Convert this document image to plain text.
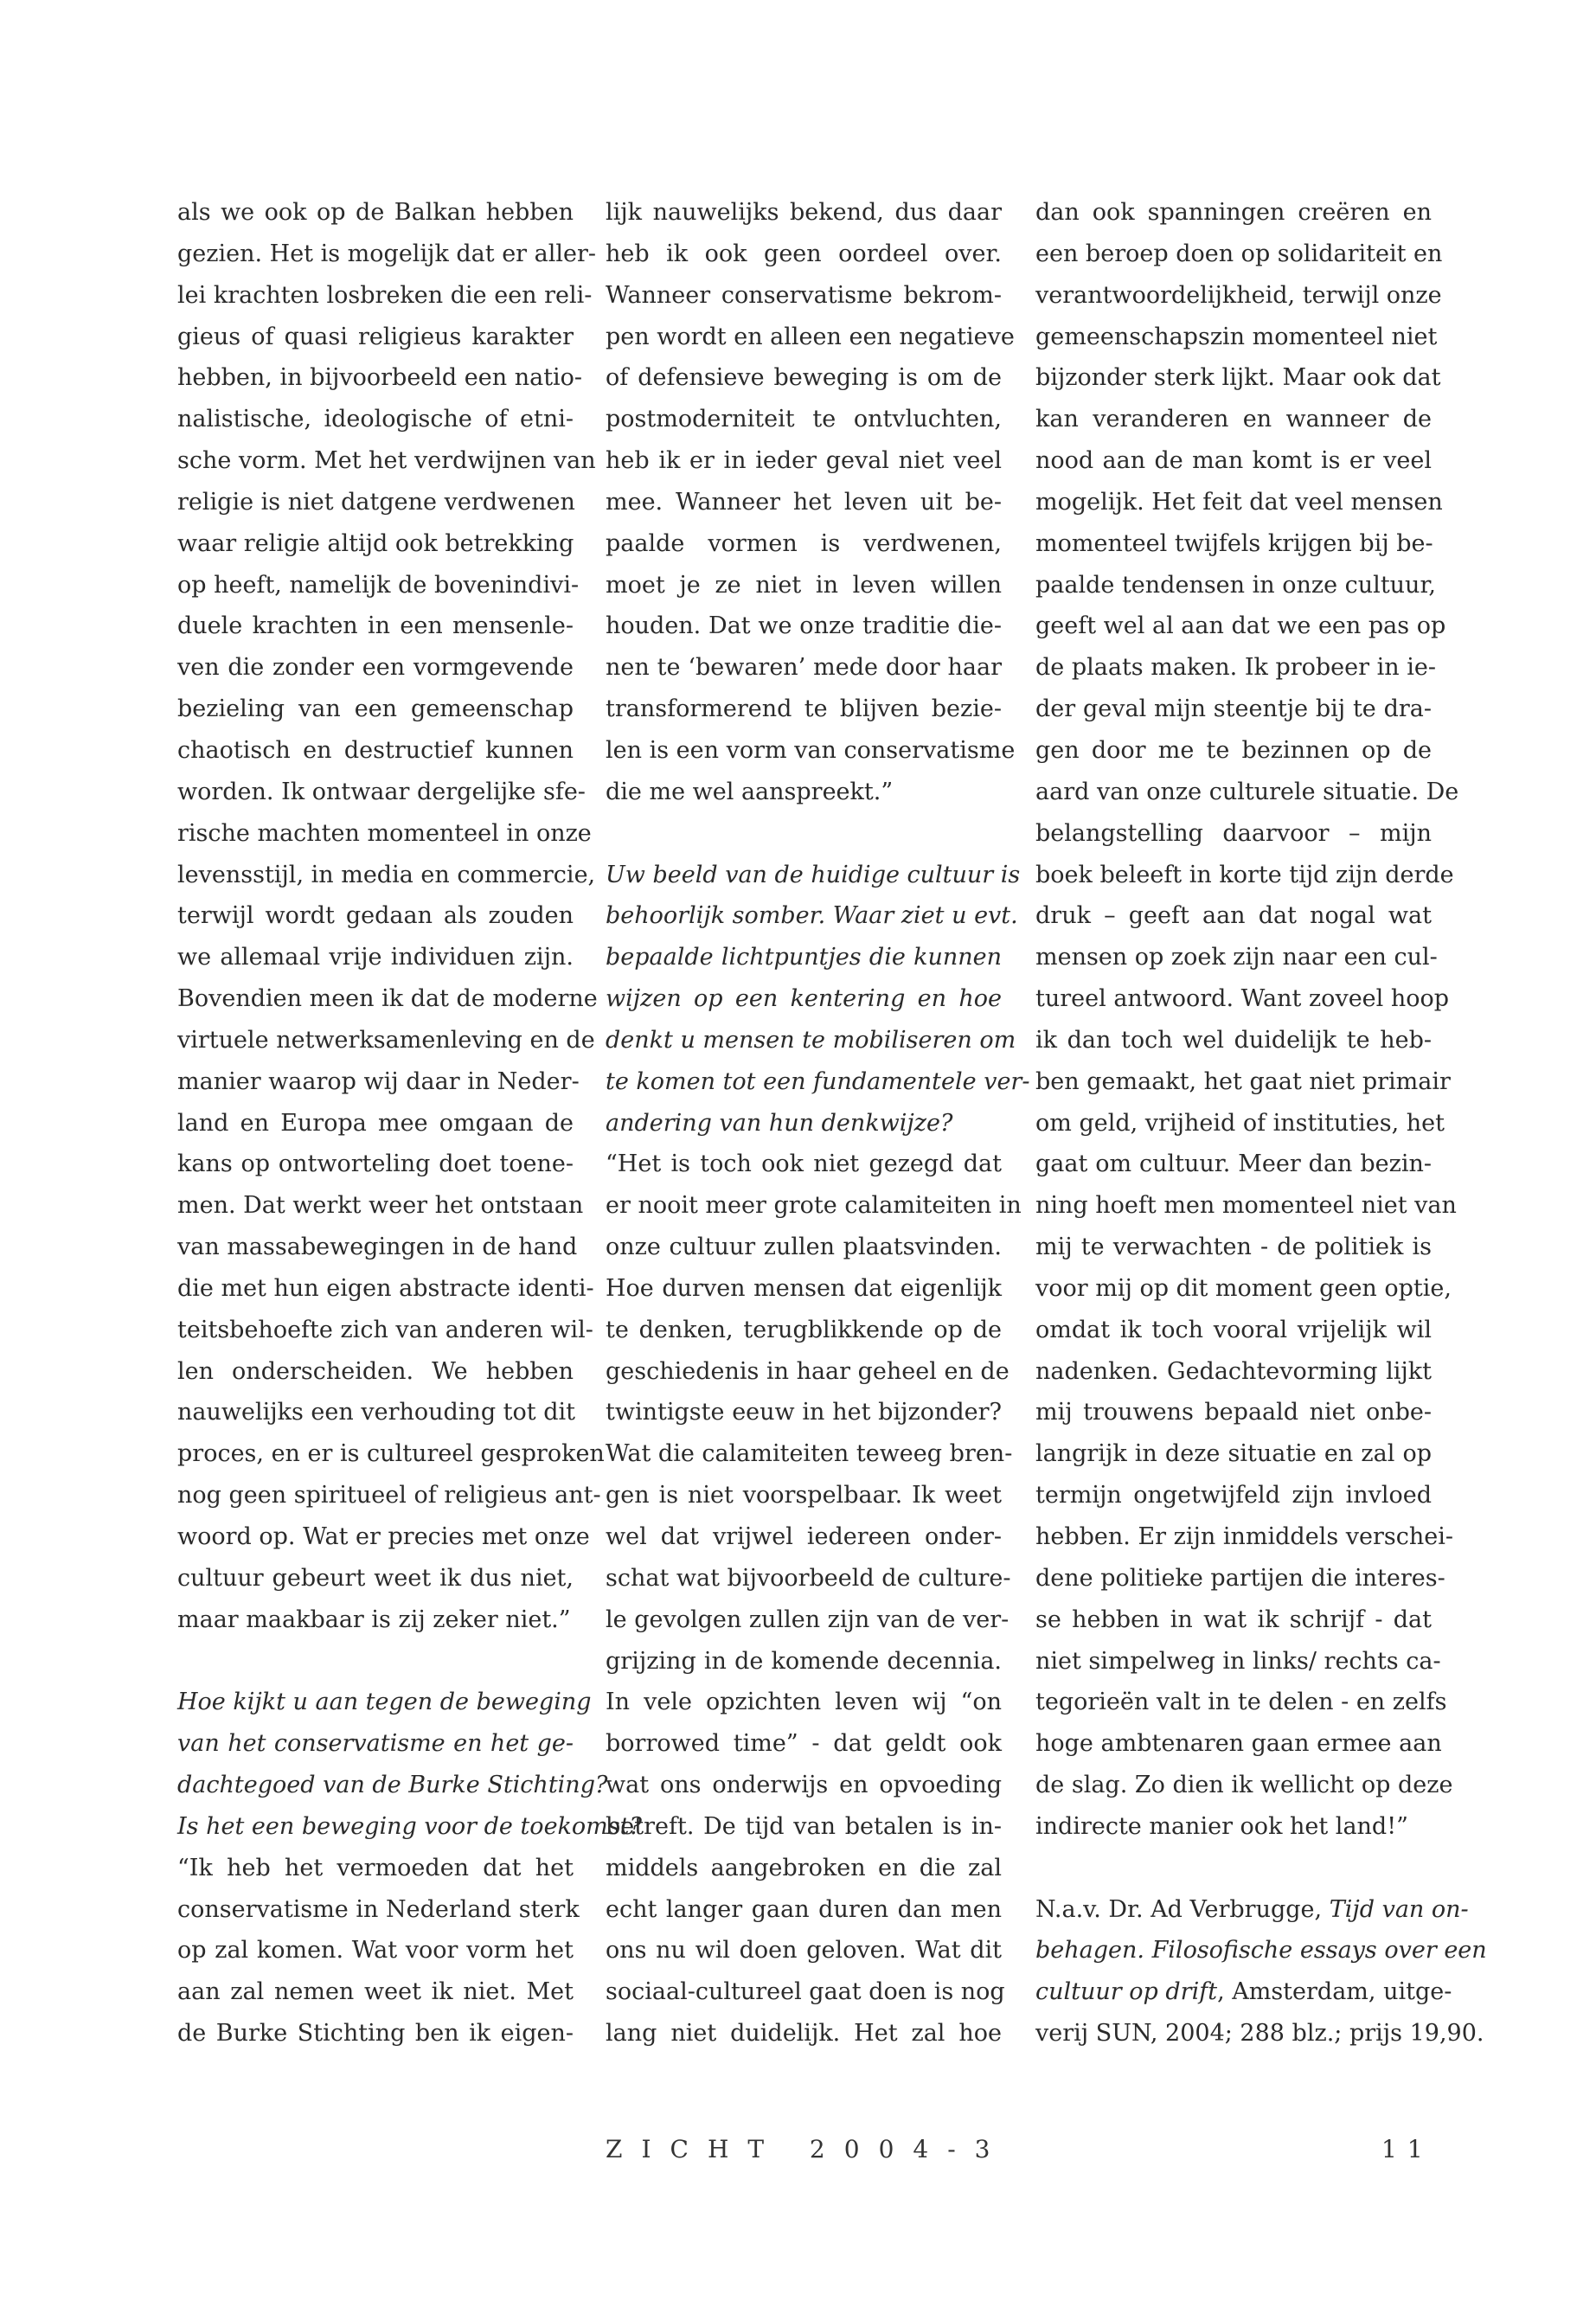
als we ook op de Balkan hebben
gezien. Het is mogelijk dat er aller-
lei krachten losbreken die een reli-
gieus of quasi religieus karakter
hebben, in bijvoorbeeld een natio-
nalistische, ideologische of etni-
sche vorm. Met het verdwijnen van
religie is niet datgene verdwenen
waar religie altijd ook betrekking
op heeft, namelijk de bovenindivi-
duele krachten in een mensenle-
ven die zonder een vormgevende
bezieling van een gemeenschap
chaotisch en destructief kunnen
worden. Ik ontwaar dergelijke sfe-
rische machten momenteel in onze
levensstijl, in media en commercie,
terwijl wordt gedaan als zouden
we allemaal vrije individuen zijn.
Bovendien meen ik dat de moderne
virtuele netwerksamenleving en de
manier waarop wij daar in Neder-
land en Europa mee omgaan de
kans op ontworteling doet toene-
men. Dat werkt weer het ontstaan
van massabewegingen in de hand
die met hun eigen abstracte identi-
teitsbehoefte zich van anderen wil-
len onderscheiden. We hebben
nauwelijks een verhouding tot dit
proces, en er is cultureel gesproken
nog geen spiritueel of religieus ant-
woord op. Wat er precies met onze
cultuur gebeurt weet ik dus niet,
maar maakbaar is zij zeker niet.”
Hoe kijkt u aan tegen de beweging
van het conservatisme en het ge-
dachtegoed van de Burke Stichting?
Is het een beweging voor de toekomst?
“Ik heb het vermoeden dat het
conservatisme in Nederland sterk
op zal komen. Wat voor vorm het
aan zal nemen weet ik niet. Met
de Burke Stichting ben ik eigen-
lijk nauwelijks bekend, dus daar
heb ik ook geen oordeel over.
Wanneer conservatisme bekrom-
pen wordt en alleen een negatieve
of defensieve beweging is om de
postmoderniteit te ontvluchten,
heb ik er in ieder geval niet veel
mee. Wanneer het leven uit be-
paalde vormen is verdwenen,
moet je ze niet in leven willen
houden. Dat we onze traditie die-
nen te ‘bewaren’ mede door haar
transformerend te blijven bezie-
len is een vorm van conservatisme
die me wel aanspreekt.”
Uw beeld van de huidige cultuur is
behoorlijk somber. Waar ziet u evt.
bepaalde lichtpuntjes die kunnen
wijzen op een kentering en hoe
denkt u mensen te mobiliseren om
te komen tot een fundamentele ver-
andering van hun denkwijze?
“Het is toch ook niet gezegd dat
er nooit meer grote calamiteiten in
onze cultuur zullen plaatsvinden.
Hoe durven mensen dat eigenlijk
te denken, terugblikkende op de
geschiedenis in haar geheel en de
twintigste eeuw in het bijzonder?
Wat die calamiteiten teweeg bren-
gen is niet voorspelbaar. Ik weet
wel dat vrijwel iedereen onder-
schat wat bijvoorbeeld de culture-
le gevolgen zullen zijn van de ver-
grijzing in de komende decennia.
In vele opzichten leven wij “on
borrowed time” - dat geldt ook
wat ons onderwijs en opvoeding
betreft. De tijd van betalen is in-
middels aangebroken en die zal
echt langer gaan duren dan men
ons nu wil doen geloven. Wat dit
sociaal-cultureel gaat doen is nog
lang niet duidelijk. Het zal hoe
dan ook spanningen creëren en
een beroep doen op solidariteit en
verantwoordelijkheid, terwijl onze
gemeenschapszin momenteel niet
bijzonder sterk lijkt. Maar ook dat
kan veranderen en wanneer de
nood aan de man komt is er veel
mogelijk. Het feit dat veel mensen
momenteel twijfels krijgen bij be-
paalde tendensen in onze cultuur,
geeft wel al aan dat we een pas op
de plaats maken. Ik probeer in ie-
der geval mijn steentje bij te dra-
gen door me te bezinnen op de
aard van onze culturele situatie. De
belangstelling daarvoor – mijn
boek beleeft in korte tijd zijn derde
druk – geeft aan dat nogal wat
mensen op zoek zijn naar een cul-
tureel antwoord. Want zoveel hoop
ik dan toch wel duidelijk te heb-
ben gemaakt, het gaat niet primair
om geld, vrijheid of instituties, het
gaat om cultuur. Meer dan bezin-
ning hoeft men momenteel niet van
mij te verwachten - de politiek is
voor mij op dit moment geen optie,
omdat ik toch vooral vrijelijk wil
nadenken. Gedachtevorming lijkt
mij trouwens bepaald niet onbe-
langrijk in deze situatie en zal op
termijn ongetwijfeld zijn invloed
hebben. Er zijn inmiddels verschei-
dene politieke partijen die interes-
se hebben in wat ik schrijf - dat
niet simpelweg in links/ rechts ca-
tegorieën valt in te delen - en zelfs
hoge ambtenaren gaan ermee aan
de slag. Zo dien ik wellicht op deze
indirecte manier ook het land!”
N.a.v. Dr. Ad Verbrugge, Tijd van on-
behagen. Filosofische essays over een
cultuur op drift, Amsterdam, uitge-
verij SUN, 2004; 288 blz.; prijs 19,90.
ZICHT 2004-3	11
